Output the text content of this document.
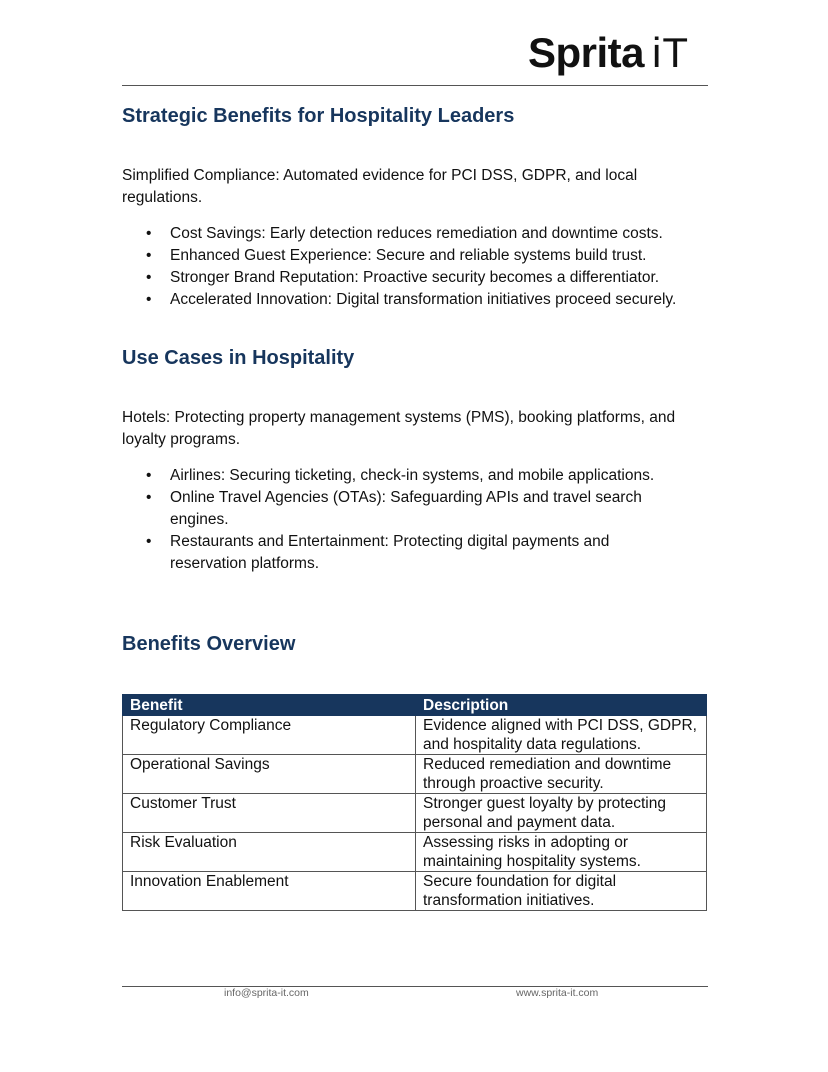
Sprita iT
Strategic Benefits for Hospitality Leaders

Simplified Compliance: Automated evidence for PCI DSS, GDPR, and local regulations.

• Cost Savings: Early detection reduces remediation and downtime costs.
• Enhanced Guest Experience: Secure and reliable systems build trust.
• Stronger Brand Reputation: Proactive security becomes a differentiator.
• Accelerated Innovation: Digital transformation initiatives proceed securely.
Use Cases in Hospitality

Hotels: Protecting property management systems (PMS), booking platforms, and loyalty programs.

• Airlines: Securing ticketing, check-in systems, and mobile applications.
• Online Travel Agencies (OTAs): Safeguarding APIs and travel search engines.
• Restaurants and Entertainment: Protecting digital payments and reservation platforms.
Benefits Overview
Benefit	Description
Regulatory Compliance	Evidence aligned with PCI DSS, GDPR, and hospitality data regulations.
Operational Savings	Reduced remediation and downtime through proactive security.
Customer Trust	Stronger guest loyalty by protecting personal and payment data.
Risk Evaluation	Assessing risks in adopting or maintaining hospitality systems.
Innovation Enablement	Secure foundation for digital transformation initiatives.
info@sprita-it.com	www.sprita-it.com
